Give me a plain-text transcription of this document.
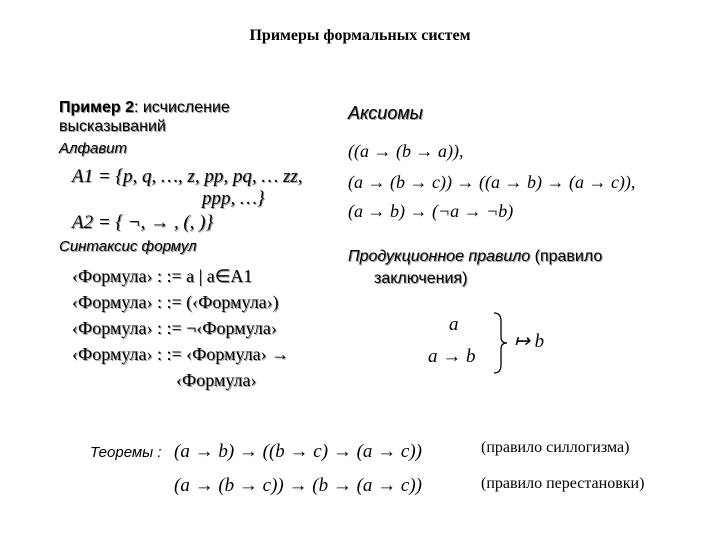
Примеры формальных систем
Пример 2: исчисление
высказываний
Алфавит
A1 = {p, q, …, z, pp, pq, … zz,
ppp, …}
A2 = { ¬, → , (, )}
Синтаксис формул
‹Формула› : := a | a∈A1
‹Формула› : := (‹Формула›)
‹Формула› : := ¬‹Формула›
‹Формула› : := ‹Формула› →
‹Формула›
Аксиомы
((a → (b → a)),
(a → (b → c)) → ((a → b) → (a → c)),
(a → b) → (¬a → ¬b)
Продукционное правило (правило
заключения)
a
a → b
↦ b
Теоремы : (a → b) → ((b → c) → (a → c))	(правило силлогизма)
(a → (b → c)) → (b → (a → c))	(правило перестановки)
